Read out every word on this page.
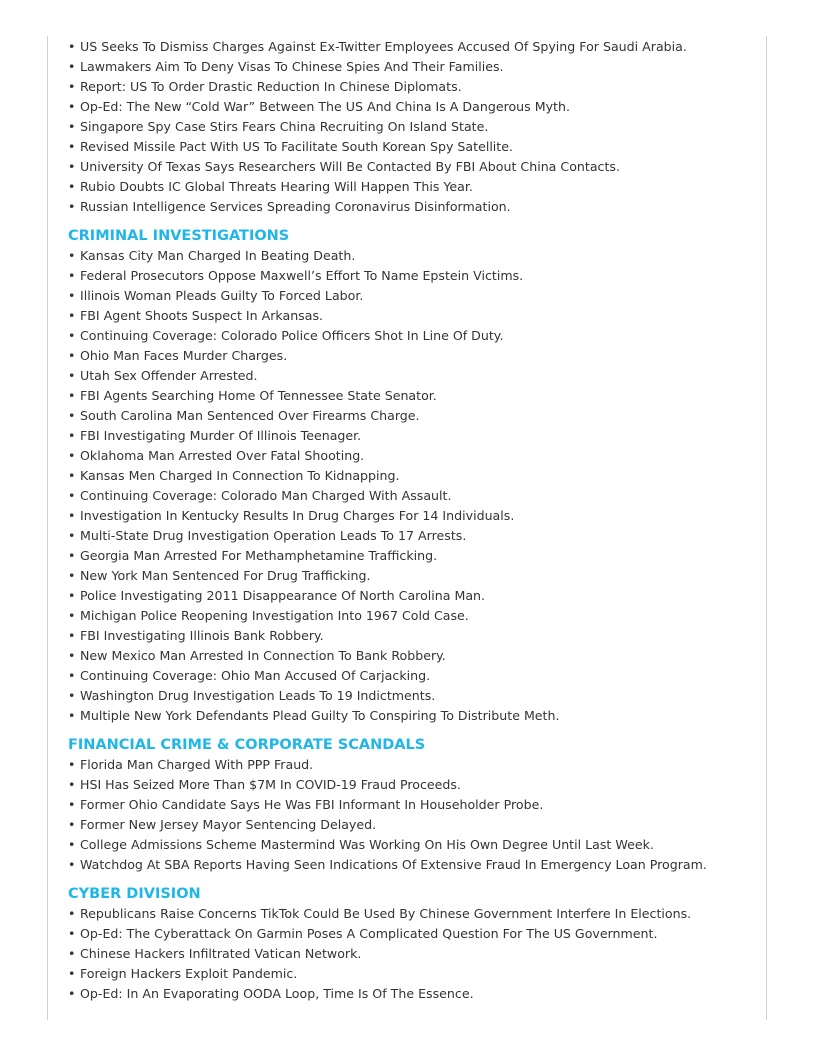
• US Seeks To Dismiss Charges Against Ex-Twitter Employees Accused Of Spying For Saudi Arabia.
• Lawmakers Aim To Deny Visas To Chinese Spies And Their Families.
• Report: US To Order Drastic Reduction In Chinese Diplomats.
• Op-Ed: The New “Cold War” Between The US And China Is A Dangerous Myth.
• Singapore Spy Case Stirs Fears China Recruiting On Island State.
• Revised Missile Pact With US To Facilitate South Korean Spy Satellite.
• University Of Texas Says Researchers Will Be Contacted By FBI About China Contacts.
• Rubio Doubts IC Global Threats Hearing Will Happen This Year.
• Russian Intelligence Services Spreading Coronavirus Disinformation.
CRIMINAL INVESTIGATIONS
• Kansas City Man Charged In Beating Death.
• Federal Prosecutors Oppose Maxwell’s Effort To Name Epstein Victims.
• Illinois Woman Pleads Guilty To Forced Labor.
• FBI Agent Shoots Suspect In Arkansas.
• Continuing Coverage: Colorado Police Officers Shot In Line Of Duty.
• Ohio Man Faces Murder Charges.
• Utah Sex Offender Arrested.
• FBI Agents Searching Home Of Tennessee State Senator.
• South Carolina Man Sentenced Over Firearms Charge.
• FBI Investigating Murder Of Illinois Teenager.
• Oklahoma Man Arrested Over Fatal Shooting.
• Kansas Men Charged In Connection To Kidnapping.
• Continuing Coverage: Colorado Man Charged With Assault.
• Investigation In Kentucky Results In Drug Charges For 14 Individuals.
• Multi-State Drug Investigation Operation Leads To 17 Arrests.
• Georgia Man Arrested For Methamphetamine Trafficking.
• New York Man Sentenced For Drug Trafficking.
• Police Investigating 2011 Disappearance Of North Carolina Man.
• Michigan Police Reopening Investigation Into 1967 Cold Case.
• FBI Investigating Illinois Bank Robbery.
• New Mexico Man Arrested In Connection To Bank Robbery.
• Continuing Coverage: Ohio Man Accused Of Carjacking.
• Washington Drug Investigation Leads To 19 Indictments.
• Multiple New York Defendants Plead Guilty To Conspiring To Distribute Meth.
FINANCIAL CRIME & CORPORATE SCANDALS
• Florida Man Charged With PPP Fraud.
• HSI Has Seized More Than $7M In COVID-19 Fraud Proceeds.
• Former Ohio Candidate Says He Was FBI Informant In Householder Probe.
• Former New Jersey Mayor Sentencing Delayed.
• College Admissions Scheme Mastermind Was Working On His Own Degree Until Last Week.
• Watchdog At SBA Reports Having Seen Indications Of Extensive Fraud In Emergency Loan Program.
CYBER DIVISION
• Republicans Raise Concerns TikTok Could Be Used By Chinese Government Interfere In Elections.
• Op-Ed: The Cyberattack On Garmin Poses A Complicated Question For The US Government.
• Chinese Hackers Infiltrated Vatican Network.
• Foreign Hackers Exploit Pandemic.
• Op-Ed: In An Evaporating OODA Loop, Time Is Of The Essence.
